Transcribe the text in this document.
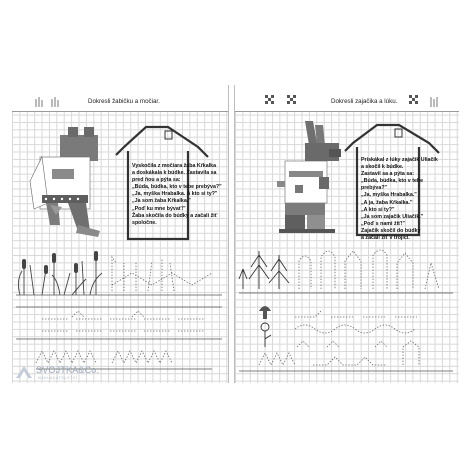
Dokresli žabičku a močiar.
Vyskočila z močiara žaba Kŕkalka
a doskákala k búdke. Zastavila sa
pred ňou a pýta sa:
„Búda, búdka, kto v tebe prebýva?"
„Ja, myška Hrabalka. A kto si ty?"
„Ja som žaba Kŕkalka."
„Poď ku mne bývať!"
Žaba skočila do búdky a začali žiť
spoločne.
Dokresli zajačika a lúku.
Priskákal z lúky zajačik Uliačik
a skočil k búdke.
Zastavil sa a pýta sa:
„Búda, búdka, kto v tebe
prebýva?"
„Ja, myška Hrabalka."
„A ja, žaba Kŕkalka."
„A kto si ty?"
„Ja som zajačik Uliačik."
„Poď s nami žiť!"
Zajačik skočil do búdky
a začali žiť v trojici.
SVOJTKA&Co.
NAKLADATELSTVÍ
